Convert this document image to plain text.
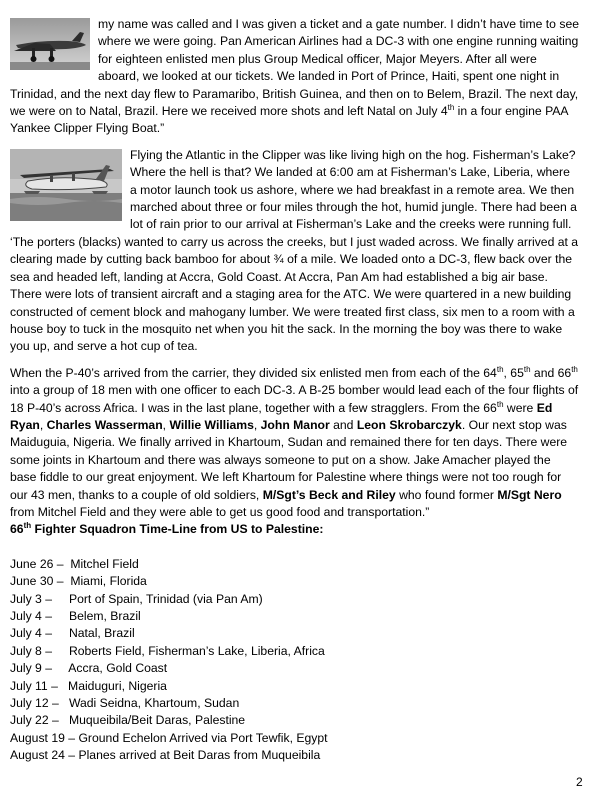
my name was called and I was given a ticket and a gate number. I didn’t have time to see where we were going. Pan American Airlines had a DC-3 with one engine running waiting for eighteen enlisted men plus Group Medical officer, Major Meyers. After all were aboard, we looked at our tickets. We landed in Port of Prince, Haiti, spent one night in Trinidad, and the next day flew to Paramaribo, British Guinea, and then on to Belem, Brazil. The next day, we were on to Natal, Brazil. Here we received more shots and left Natal on July 4th in a four engine PAA Yankee Clipper Flying Boat.”

Flying the Atlantic in the Clipper was like living high on the hog. Fisherman’s Lake? Where the hell is that? We landed at 6:00 am at Fisherman’s Lake, Liberia, where a motor launch took us ashore, where we had breakfast in a remote area. We then marched about three or four miles through the hot, humid jungle. There had been a lot of rain prior to our arrival at Fisherman’s Lake and the creeks were running full. ‘The porters (blacks) wanted to carry us across the creeks, but I just waded across. We finally arrived at a clearing made by cutting back bamboo for about ¾ of a mile. We loaded onto a DC-3, flew back over the sea and headed left, landing at Accra, Gold Coast. At Accra, Pan Am had established a big air base. There were lots of transient aircraft and a staging area for the ATC. We were quartered in a new building constructed of cement block and mahogany lumber. We were treated first class, six men to a room with a house boy to tuck in the mosquito net when you hit the sack. In the morning the boy was there to wake you up, and serve a hot cup of tea.

When the P-40’s arrived from the carrier, they divided six enlisted men from each of the 64th, 65th and 66th into a group of 18 men with one officer to each DC-3. A B-25 bomber would lead each of the four flights of 18 P-40’s across Africa. I was in the last plane, together with a few stragglers. From the 66th were Ed Ryan, Charles Wasserman, Willie Williams, John Manor and Leon Skrobarczyk. Our next stop was Maiduguia, Nigeria. We finally arrived in Khartoum, Sudan and remained there for ten days. There were some joints in Khartoum and there was always someone to put on a show. Jake Amacher played the base fiddle to our great enjoyment. We left Khartoum for Palestine where things were not too rough for our 43 men, thanks to a couple of old soldiers, M/Sgt’s Beck and Riley who found former M/Sgt Nero from Mitchel Field and they were able to get us good food and transportation.”

66th Fighter Squadron Time-Line from US to Palestine:

June 26 –  Mitchel Field
June 30 –  Miami, Florida
July 3 –     Port of Spain, Trinidad (via Pan Am)
July 4 –     Belem, Brazil
July 4 –     Natal, Brazil
July 8 –     Roberts Field, Fisherman’s Lake, Liberia, Africa
July 9 –     Accra, Gold Coast
July 11 –   Maiduguri, Nigeria
July 12 –   Wadi Seidna, Khartoum, Sudan
July 22 –   Muqueibila/Beit Daras, Palestine
August 19 – Ground Echelon Arrived via Port Tewfik, Egypt
August 24 – Planes arrived at Beit Daras from Muqueibila
2
